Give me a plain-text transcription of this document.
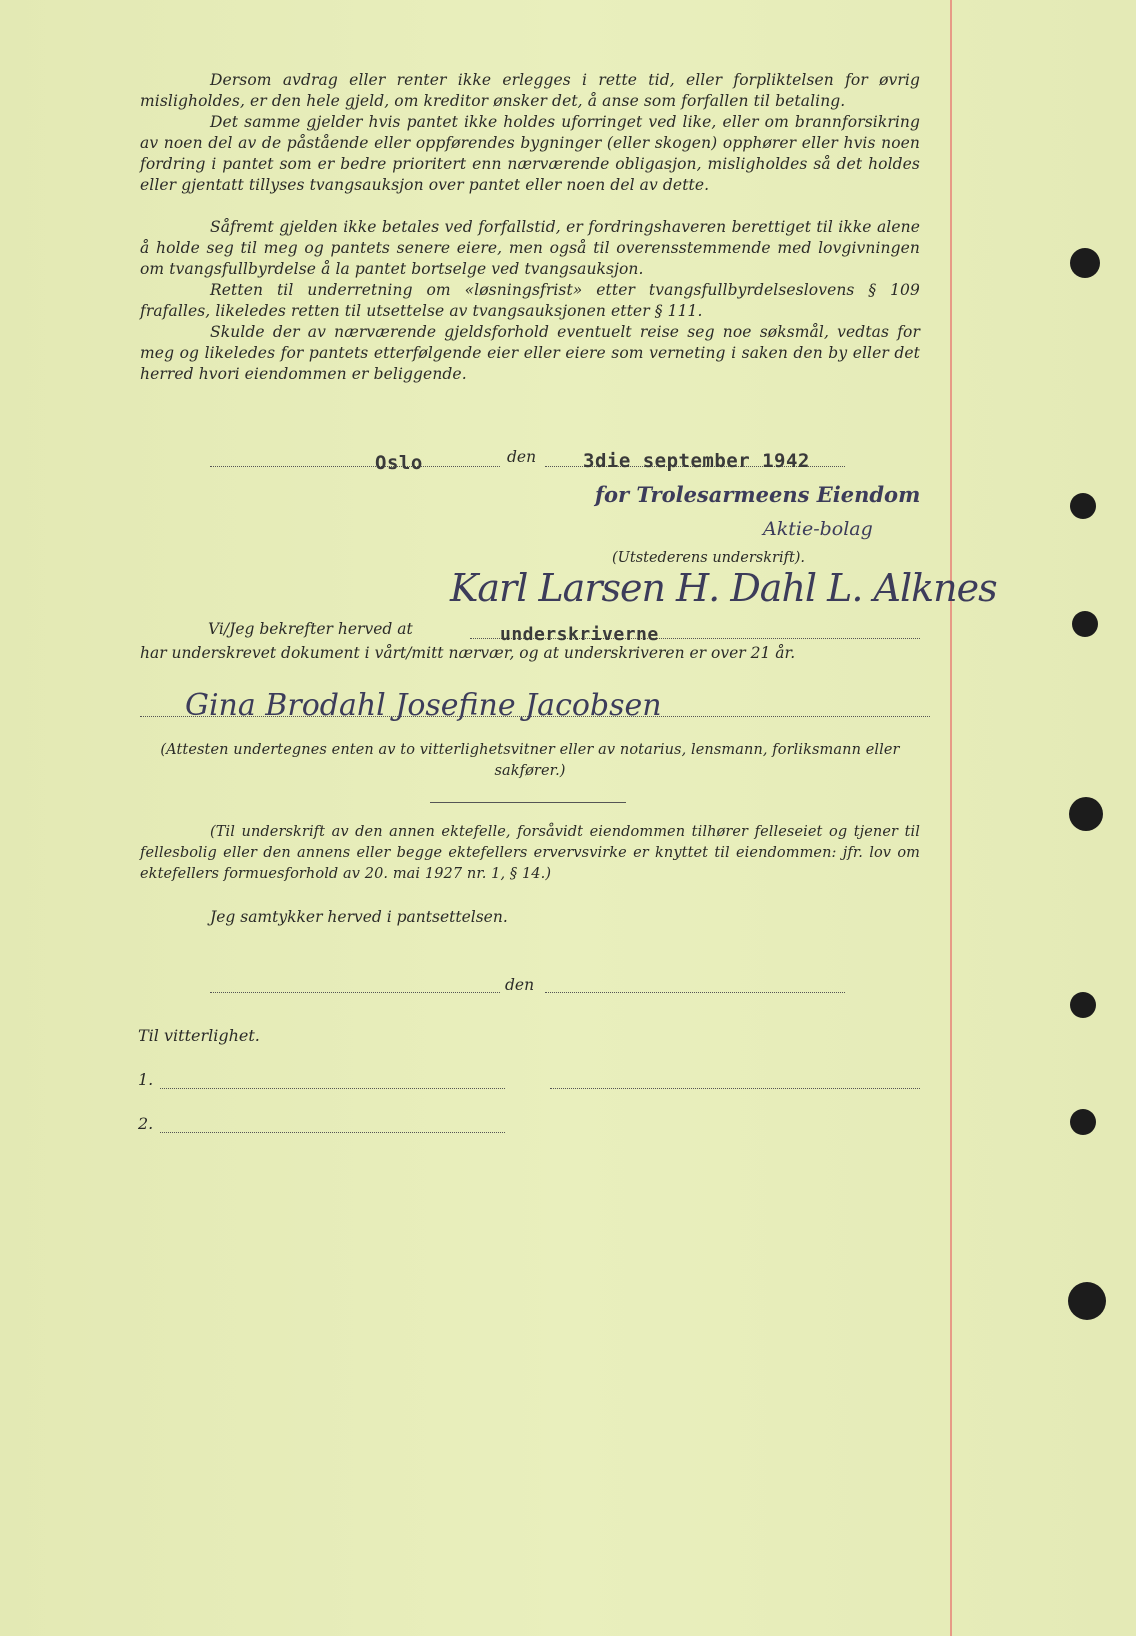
Dersom avdrag eller renter ikke erlegges i rette tid, eller forpliktelsen for øvrig misligholdes, er den hele gjeld, om kreditor ønsker det, å anse som forfallen til betaling.

Det samme gjelder hvis pantet ikke holdes uforringet ved like, eller om brannforsikring av noen del av de påstående eller oppførendes bygninger (eller skogen) opphører eller hvis noen fordring i pantet som er bedre prioritert enn nærværende obligasjon, misligholdes så det holdes eller gjentatt tillyses tvangsauksjon over pantet eller noen del av dette.

Såfremt gjelden ikke betales ved forfallstid, er fordringshaveren berettiget til ikke alene å holde seg til meg og pantets senere eiere, men også til overensstemmende med lovgivningen om tvangsfullbyrdelse å la pantet bortselge ved tvangsauksjon.

Retten til underretning om «løsningsfrist» etter tvangsfullbyrdelseslovens § 109 frafalles, likeledes retten til utsettelse av tvangsauksjonen etter § 111.

Skulde der av nærværende gjeldsforhold eventuelt reise seg noe søksmål, vedtas for meg og likeledes for pantets etterfølgende eier eller eiere som verneting i saken den by eller det herred hvori eiendommen er beliggende.

Oslo	den 3die september 1942
for Trolesarmeens Eiendom
Aktie-bolag
(Utstederens underskrift).
Karl Larsen H. Dahl L. Alknes
Vi/Jeg bekrefter herved at	underskriverne
har underskrevet dokument i vårt/mitt nærvær, og at underskriveren er over 21 år.
Gina Brodahl Josefine Jacobsen

(Attesten undertegnes enten av to vitterlighetsvitner eller av notarius, lensmann, forliksmann eller sakfører.)

(Til underskrift av den annen ektefelle, forsåvidt eiendommen tilhører felleseiet og tjener til fellesbolig eller den annens eller begge ektefellers ervervsvirke er knyttet til eiendommen: jfr. lov om ektefellers formuesforhold av 20. mai 1927 nr. 1, § 14.)

Jeg samtykker herved i pantsettelsen.
den
Til vitterlighet.
1.
2.
